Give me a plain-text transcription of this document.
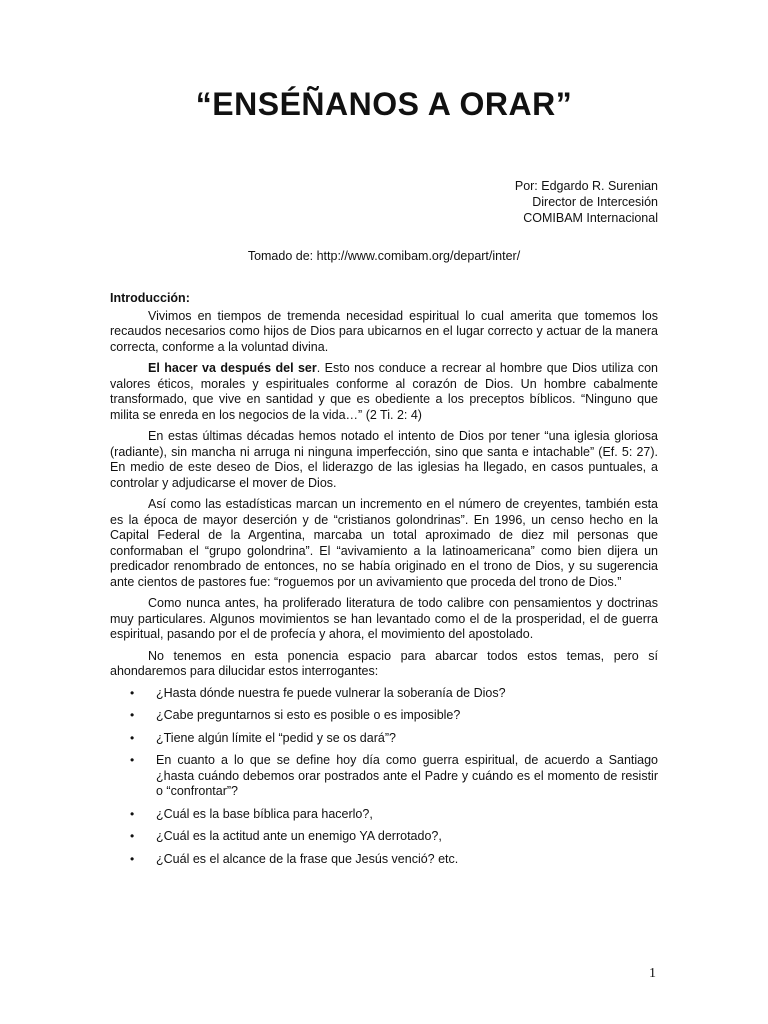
“ENSÉÑANOS A ORAR”
Por: Edgardo R. Surenian
Director de Intercesión
COMIBAM Internacional
Tomado de: http://www.comibam.org/depart/inter/
Introducción:

Vivimos en tiempos de tremenda necesidad espiritual lo cual amerita que tomemos los recaudos necesarios como hijos de Dios para ubicarnos en el lugar correcto y actuar de la manera correcta, conforme a la voluntad divina.

El hacer va después del ser. Esto nos conduce a recrear al hombre que Dios utiliza con valores éticos, morales y espirituales conforme al corazón de Dios. Un hombre cabalmente transformado, que vive en santidad y que es obediente a los preceptos bíblicos. “Ninguno que milita se enreda en los negocios de la vida…” (2 Ti. 2: 4)

En estas últimas décadas hemos notado el intento de Dios por tener “una iglesia gloriosa (radiante), sin mancha ni arruga ni ninguna imperfección, sino que santa e intachable” (Ef. 5: 27). En medio de este deseo de Dios, el liderazgo de las iglesias ha llegado, en casos puntuales, a controlar y adjudicarse el mover de Dios.

Así como las estadísticas marcan un incremento en el número de creyentes, también esta es la época de mayor deserción y de “cristianos golondrinas”. En 1996, un censo hecho en la Capital Federal de la Argentina, marcaba un total aproximado de diez mil personas que conformaban el “grupo golondrina”. El “avivamiento a la latinoamericana” como bien dijera un predicador renombrado de entonces, no se había originado en el trono de Dios, y su sugerencia ante cientos de pastores fue: “roguemos por un avivamiento que proceda del trono de Dios.”

Como nunca antes, ha proliferado literatura de todo calibre con pensamientos y doctrinas muy particulares. Algunos movimientos se han levantado como el de la prosperidad, el de guerra espiritual, pasando por el de profecía y ahora, el movimiento del apostolado.

No tenemos en esta ponencia espacio para abarcar todos estos temas, pero sí ahondaremos para dilucidar estos interrogantes:

• ¿Hasta dónde nuestra fe puede vulnerar la soberanía de Dios?
• ¿Cabe preguntarnos si esto es posible o es imposible?
• ¿Tiene algún límite el “pedid y se os dará”?
• En cuanto a lo que se define hoy día como guerra espiritual, de acuerdo a Santiago ¿hasta cuándo debemos orar postrados ante el Padre y cuándo es el momento de resistir o “confrontar”?
• ¿Cuál es la base bíblica para hacerlo?,
• ¿Cuál es la actitud ante un enemigo YA derrotado?,
• ¿Cuál es el alcance de la frase que Jesús venció? etc.
1
